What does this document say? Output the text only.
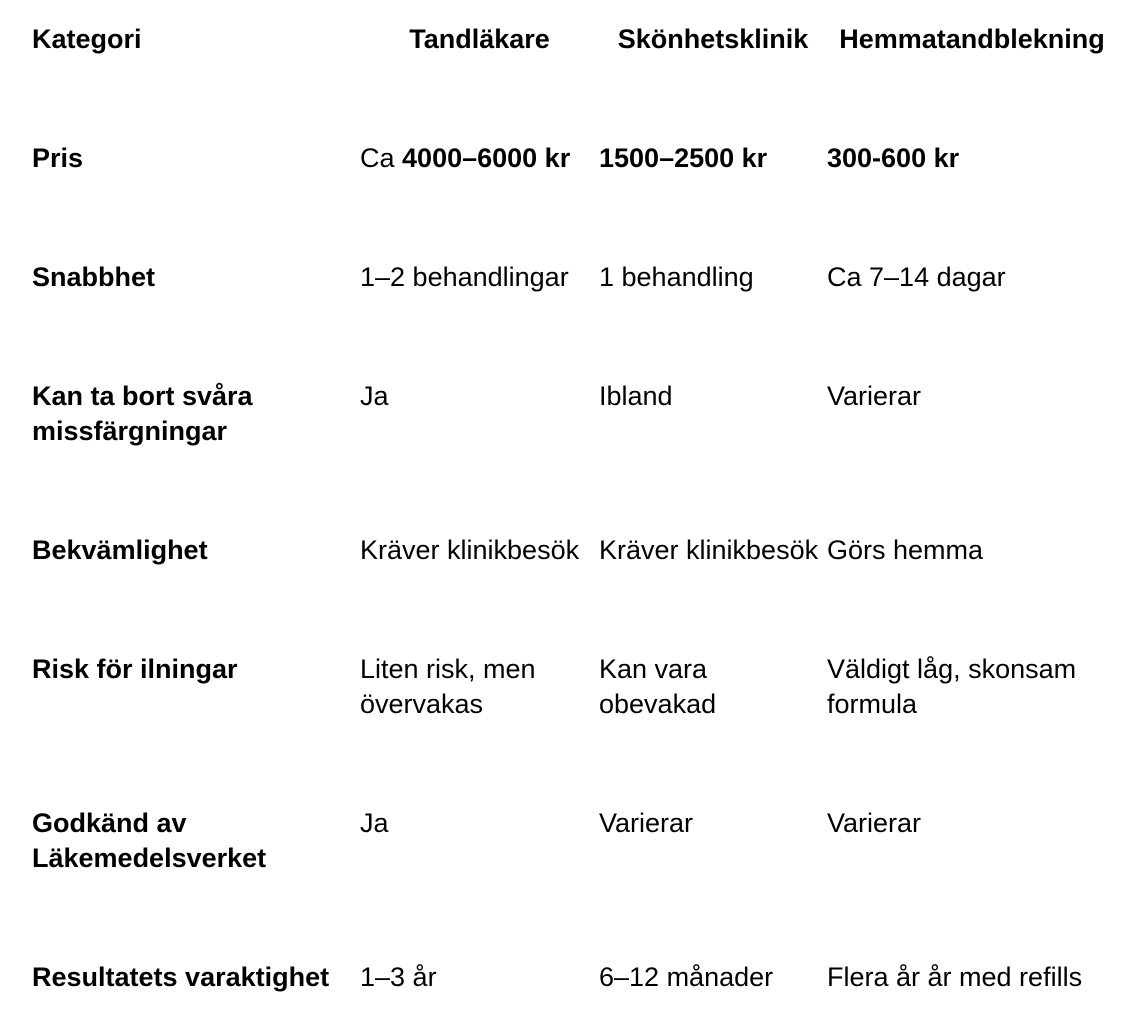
Kategori	Tandläkare	Skönhetsklinik	Hemmatandblekning
Pris	Ca 4000–6000 kr	1500–2500 kr	300-600 kr
Snabbhet	1–2 behandlingar	1 behandling	Ca 7–14 dagar
Kan ta bort svåra missfärgningar	Ja	Ibland	Varierar
Bekvämlighet	Kräver klinikbesök	Kräver klinikbesök	Görs hemma
Risk för ilningar	Liten risk, men övervakas	Kan vara obevakad	Väldigt låg, skonsam formula
Godkänd av Läkemedelsverket	Ja	Varierar	Varierar
Resultatets varaktighet	1–3 år	6–12 månader	Flera år år med refills
